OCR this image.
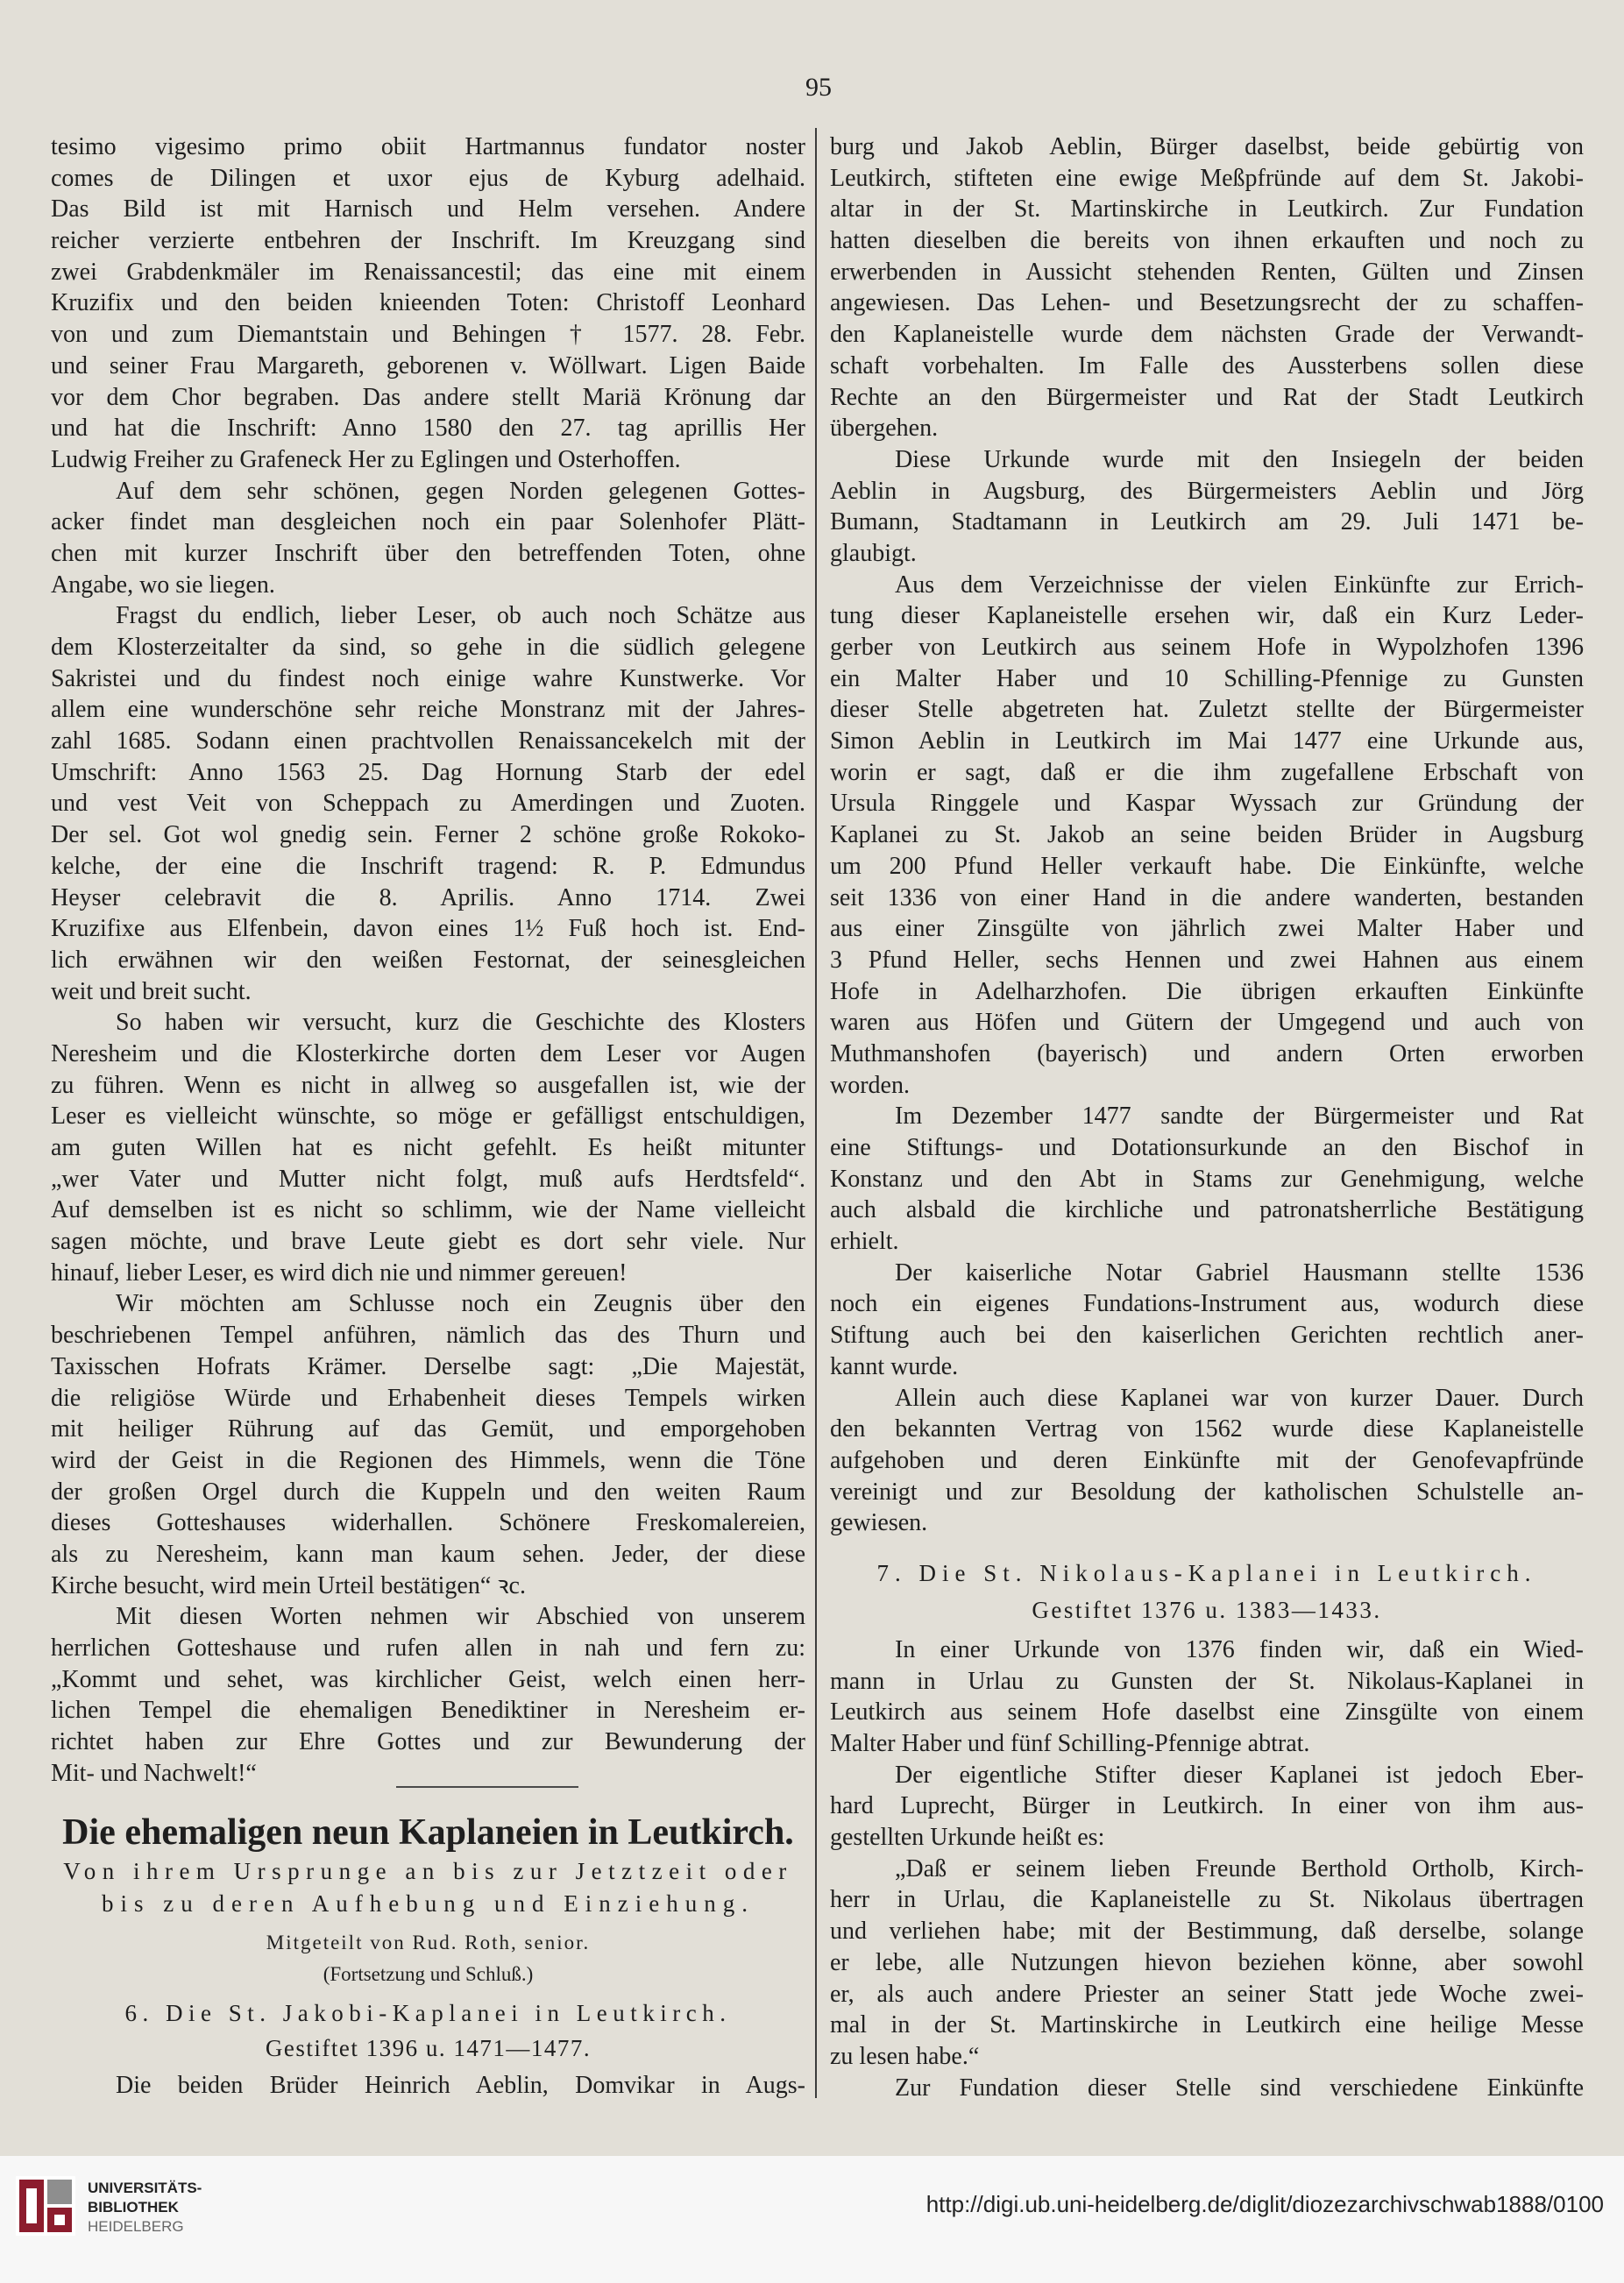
95
tesimo vigesimo primo obiit Hartmannus fundator noster
comes de Dilingen et uxor ejus de Kyburg adelhaid.
Das Bild ist mit Harnisch und Helm versehen. Andere
reicher verzierte entbehren der Inschrift. Im Kreuzgang sind
zwei Grabdenkmäler im Renaissancestil; das eine mit einem
Kruzifix und den beiden knieenden Toten: Christoff Leonhard
von und zum Diemantstain und Behingen † 1577. 28. Febr.
und seiner Frau Margareth, geborenen v. Wöllwart. Ligen Baide
vor dem Chor begraben. Das andere stellt Mariä Krönung dar
und hat die Inschrift: Anno 1580 den 27. tag aprillis Her
Ludwig Freiher zu Grafeneck Her zu Eglingen und Osterhoffen.
Auf dem sehr schönen, gegen Norden gelegenen Gottes-
acker findet man desgleichen noch ein paar Solenhofer Plätt-
chen mit kurzer Inschrift über den betreffenden Toten, ohne
Angabe, wo sie liegen.
Fragst du endlich, lieber Leser, ob auch noch Schätze aus
dem Klosterzeitalter da sind, so gehe in die südlich gelegene
Sakristei und du findest noch einige wahre Kunstwerke. Vor
allem eine wunderschöne sehr reiche Monstranz mit der Jahres-
zahl 1685. Sodann einen prachtvollen Renaissancekelch mit der
Umschrift: Anno 1563 25. Dag Hornung Starb der edel
und vest Veit von Scheppach zu Amerdingen und Zuoten.
Der sel. Got wol gnedig sein. Ferner 2 schöne große Rokoko-
kelche, der eine die Inschrift tragend: R. P. Edmundus
Heyser celebravit die 8. Aprilis. Anno 1714. Zwei
Kruzifixe aus Elfenbein, davon eines 1½ Fuß hoch ist. End-
lich erwähnen wir den weißen Festornat, der seinesgleichen
weit und breit sucht.
So haben wir versucht, kurz die Geschichte des Klosters
Neresheim und die Klosterkirche dorten dem Leser vor Augen
zu führen. Wenn es nicht in allweg so ausgefallen ist, wie der
Leser es vielleicht wünschte, so möge er gefälligst entschuldigen,
am guten Willen hat es nicht gefehlt. Es heißt mitunter
„wer Vater und Mutter nicht folgt, muß aufs Herdtsfeld“.
Auf demselben ist es nicht so schlimm, wie der Name vielleicht
sagen möchte, und brave Leute giebt es dort sehr viele. Nur
hinauf, lieber Leser, es wird dich nie und nimmer gereuen!
Wir möchten am Schlusse noch ein Zeugnis über den
beschriebenen Tempel anführen, nämlich das des Thurn und
Taxisschen Hofrats Krämer. Derselbe sagt: „Die Majestät,
die religiöse Würde und Erhabenheit dieses Tempels wirken
mit heiliger Rührung auf das Gemüt, und emporgehoben
wird der Geist in die Regionen des Himmels, wenn die Töne
der großen Orgel durch die Kuppeln und den weiten Raum
dieses Gotteshauses widerhallen. Schönere Freskomalereien,
als zu Neresheim, kann man kaum sehen. Jeder, der diese
Kirche besucht, wird mein Urteil bestätigen“ ꝛc.
Mit diesen Worten nehmen wir Abschied von unserem
herrlichen Gotteshause und rufen allen in nah und fern zu:
„Kommt und sehet, was kirchlicher Geist, welch einen herr-
lichen Tempel die ehemaligen Benediktiner in Neresheim er-
richtet haben zur Ehre Gottes und zur Bewunderung der
Mit- und Nachwelt!“
Die ehemaligen neun Kaplaneien in Leutkirch.
Von ihrem Ursprunge an bis zur Jetztzeit oder
bis zu deren Aufhebung und Einziehung.
Mitgeteilt von Rud. Roth, senior.
(Fortsetzung und Schluß.)
6. Die St. Jakobi-Kaplanei in Leutkirch.
Gestiftet 1396 u. 1471—1477.
Die beiden Brüder Heinrich Aeblin, Domvikar in Augs-
burg und Jakob Aeblin, Bürger daselbst, beide gebürtig von
Leutkirch, stifteten eine ewige Meßpfründe auf dem St. Jakobi-
altar in der St. Martinskirche in Leutkirch. Zur Fundation
hatten dieselben die bereits von ihnen erkauften und noch zu
erwerbenden in Aussicht stehenden Renten, Gülten und Zinsen
angewiesen. Das Lehen- und Besetzungsrecht der zu schaffen-
den Kaplaneistelle wurde dem nächsten Grade der Verwandt-
schaft vorbehalten. Im Falle des Aussterbens sollen diese
Rechte an den Bürgermeister und Rat der Stadt Leutkirch
übergehen.
Diese Urkunde wurde mit den Insiegeln der beiden
Aeblin in Augsburg, des Bürgermeisters Aeblin und Jörg
Bumann, Stadtamann in Leutkirch am 29. Juli 1471 be-
glaubigt.
Aus dem Verzeichnisse der vielen Einkünfte zur Errich-
tung dieser Kaplaneistelle ersehen wir, daß ein Kurz Leder-
gerber von Leutkirch aus seinem Hofe in Wypolzhofen 1396
ein Malter Haber und 10 Schilling-Pfennige zu Gunsten
dieser Stelle abgetreten hat. Zuletzt stellte der Bürgermeister
Simon Aeblin in Leutkirch im Mai 1477 eine Urkunde aus,
worin er sagt, daß er die ihm zugefallene Erbschaft von
Ursula Ringgele und Kaspar Wyssach zur Gründung der
Kaplanei zu St. Jakob an seine beiden Brüder in Augsburg
um 200 Pfund Heller verkauft habe. Die Einkünfte, welche
seit 1336 von einer Hand in die andere wanderten, bestanden
aus einer Zinsgülte von jährlich zwei Malter Haber und
3 Pfund Heller, sechs Hennen und zwei Hahnen aus einem
Hofe in Adelharzhofen. Die übrigen erkauften Einkünfte
waren aus Höfen und Gütern der Umgegend und auch von
Muthmanshofen (bayerisch) und andern Orten erworben
worden.
Im Dezember 1477 sandte der Bürgermeister und Rat
eine Stiftungs- und Dotationsurkunde an den Bischof in
Konstanz und den Abt in Stams zur Genehmigung, welche
auch alsbald die kirchliche und patronatsherrliche Bestätigung
erhielt.
Der kaiserliche Notar Gabriel Hausmann stellte 1536
noch ein eigenes Fundations-Instrument aus, wodurch diese
Stiftung auch bei den kaiserlichen Gerichten rechtlich aner-
kannt wurde.
Allein auch diese Kaplanei war von kurzer Dauer. Durch
den bekannten Vertrag von 1562 wurde diese Kaplaneistelle
aufgehoben und deren Einkünfte mit der Genofevapfründe
vereinigt und zur Besoldung der katholischen Schulstelle an-
gewiesen.
7. Die St. Nikolaus-Kaplanei in Leutkirch.
Gestiftet 1376 u. 1383—1433.
In einer Urkunde von 1376 finden wir, daß ein Wied-
mann in Urlau zu Gunsten der St. Nikolaus-Kaplanei in
Leutkirch aus seinem Hofe daselbst eine Zinsgülte von einem
Malter Haber und fünf Schilling-Pfennige abtrat.
Der eigentliche Stifter dieser Kaplanei ist jedoch Eber-
hard Luprecht, Bürger in Leutkirch. In einer von ihm aus-
gestellten Urkunde heißt es:
„Daß er seinem lieben Freunde Berthold Ortholb, Kirch-
herr in Urlau, die Kaplaneistelle zu St. Nikolaus übertragen
und verliehen habe; mit der Bestimmung, daß derselbe, solange
er lebe, alle Nutzungen hievon beziehen könne, aber sowohl
er, als auch andere Priester an seiner Statt jede Woche zwei-
mal in der St. Martinskirche in Leutkirch eine heilige Messe
zu lesen habe.“
Zur Fundation dieser Stelle sind verschiedene Einkünfte
UNIVERSITÄTS-
BIBLIOTHEK
HEIDELBERG
http://digi.ub.uni-heidelberg.de/diglit/diozezarchivschwab1888/0100
